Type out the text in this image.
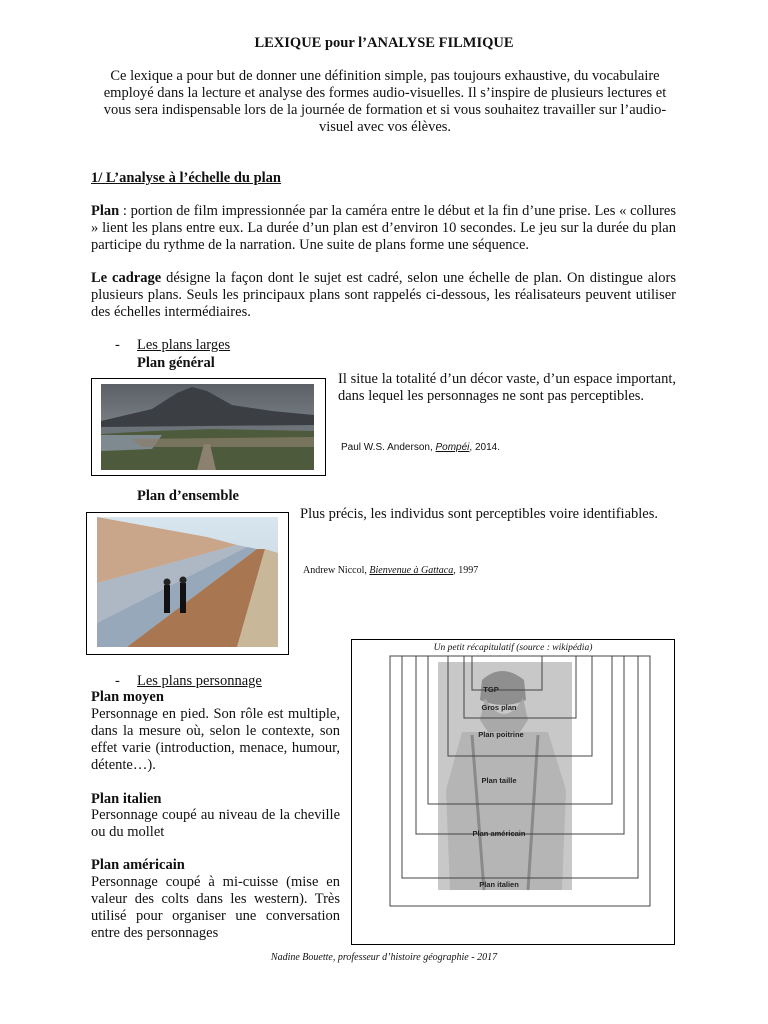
LEXIQUE pour l’ANALYSE FILMIQUE
Ce lexique a pour but de donner une définition simple, pas toujours exhaustive, du vocabulaire employé dans la lecture et analyse des formes audio-visuelles. Il s’inspire de plusieurs lectures et vous sera indispensable lors de la journée de formation et si vous souhaitez travailler sur l’audio-visuel avec vos élèves.
1/ L’analyse à l’échelle du plan
Plan : portion de film impressionnée par la caméra entre le début et la fin d’une prise. Les « collures » lient les plans entre eux. La durée d’un plan est d’environ 10 secondes. Le jeu sur la durée du plan participe du rythme de la narration. Une suite de plans forme une séquence.
Le cadrage désigne la façon dont le sujet est cadré, selon une échelle de plan. On distingue alors plusieurs plans. Seuls les principaux plans sont rappelés ci-dessous, les réalisateurs peuvent utiliser des échelles intermédiaires.
- Les plans larges
Plan général
Il situe la totalité d’un décor vaste, d’un espace important, dans lequel les personnages ne sont pas perceptibles.
Paul W.S. Anderson, Pompéi, 2014.
Plan d’ensemble
Plus précis, les individus sont perceptibles voire identifiables.
Andrew Niccol, Bienvenue à Gattaca, 1997
- Les plans personnage
Plan moyen
Personnage en pied. Son rôle est multiple, dans la mesure où, selon le contexte, son effet varie (introduction, menace, humour, détente…).
Plan italien
Personnage coupé au niveau de la cheville ou du mollet
Plan américain
Personnage coupé à mi-cuisse (mise en valeur des colts dans les western). Très utilisé pour organiser une conversation entre des personnages
Un petit récapitulatif (source : wikipédia)
TGP
Gros plan
Plan poitrine
Plan taille
Plan américain
Plan italien
Nadine Bouette, professeur d’histoire géographie - 2017
